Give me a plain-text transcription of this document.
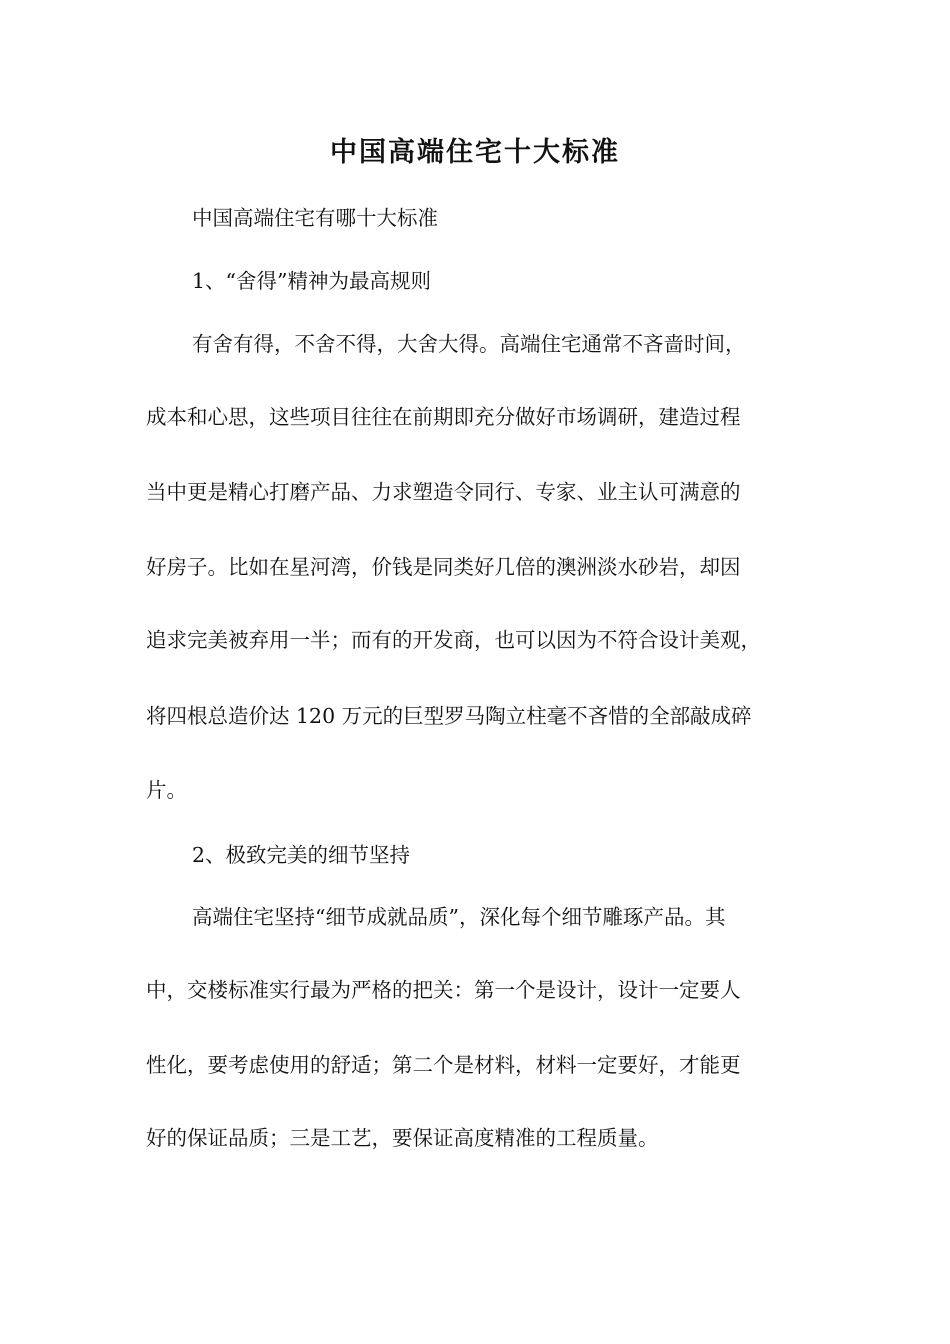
中国高端住宅十大标准

中国高端住宅有哪十大标准

1、“舍得”精神为最高规则

有舍有得，不舍不得，大舍大得。高端住宅通常不吝啬时间，

成本和心思，这些项目往往在前期即充分做好市场调研，建造过程

当中更是精心打磨产品、力求塑造令同行、专家、业主认可满意的

好房子。比如在星河湾，价钱是同类好几倍的澳洲淡水砂岩，却因

追求完美被弃用一半；而有的开发商，也可以因为不符合设计美观，

将四根总造价达 120 万元的巨型罗马陶立柱毫不吝惜的全部敲成碎

片。

2、极致完美的细节坚持

高端住宅坚持“细节成就品质”，深化每个细节雕琢产品。其

中，交楼标准实行最为严格的把关：第一个是设计，设计一定要人

性化，要考虑使用的舒适；第二个是材料，材料一定要好，才能更

好的保证品质；三是工艺，要保证高度精准的工程质量。
